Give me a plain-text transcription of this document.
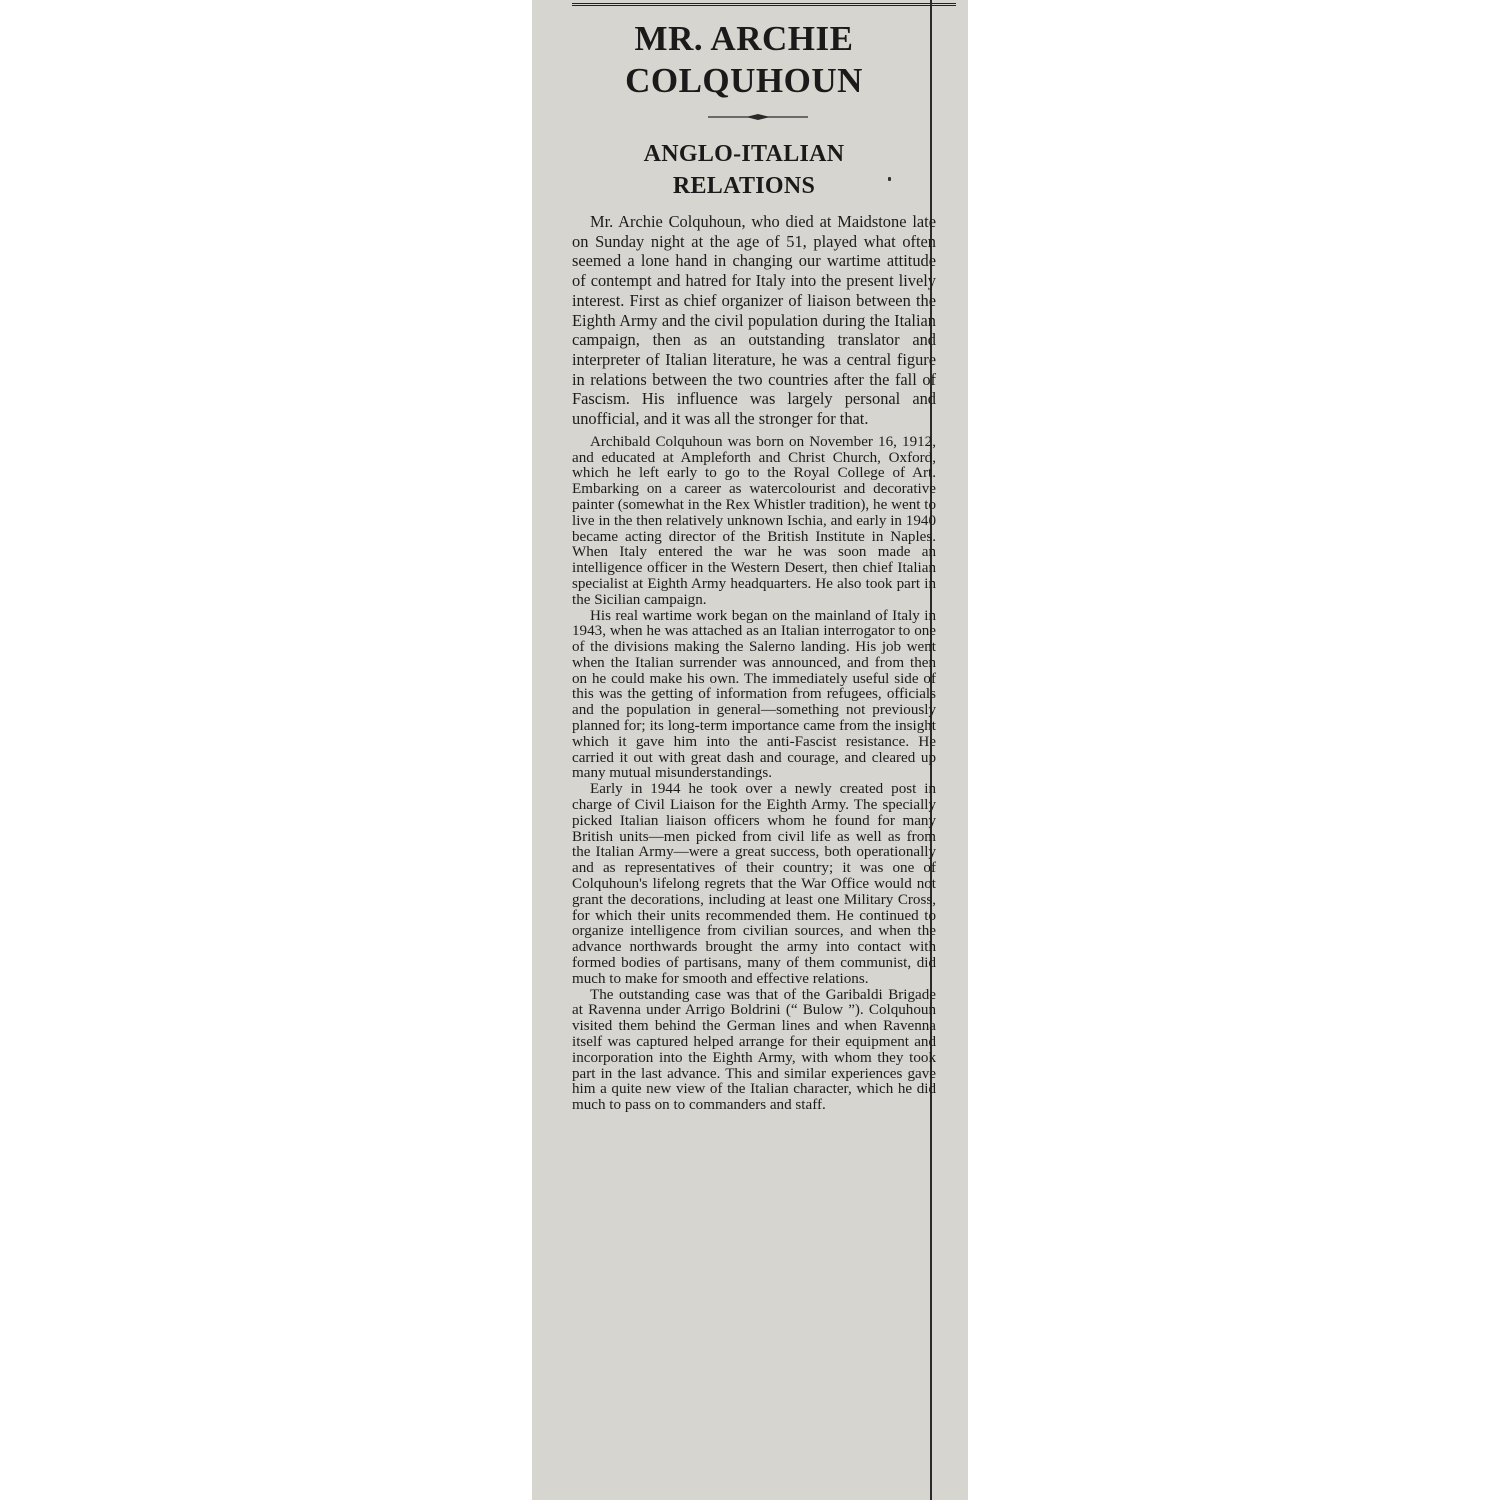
MR. ARCHIE COLQUHOUN
ANGLO-ITALIAN RELATIONS

Mr. Archie Colquhoun, who died at Maidstone late on Sunday night at the age of 51, played what often seemed a lone hand in changing our wartime attitude of contempt and hatred for Italy into the present lively interest. First as chief organizer of liaison between the Eighth Army and the civil population during the Italian campaign, then as an outstanding translator and interpreter of Italian literature, he was a central figure in relations between the two countries after the fall of Fascism. His influence was largely personal and unofficial, and it was all the stronger for that.

Archibald Colquhoun was born on November 16, 1912, and educated at Ampleforth and Christ Church, Oxford, which he left early to go to the Royal College of Art. Embarking on a career as watercolourist and decorative painter (somewhat in the Rex Whistler tradition), he went to live in the then relatively unknown Ischia, and early in 1940 became acting director of the British Institute in Naples. When Italy entered the war he was soon made an intelligence officer in the Western Desert, then chief Italian specialist at Eighth Army headquarters. He also took part in the Sicilian campaign.

His real wartime work began on the mainland of Italy in 1943, when he was attached as an Italian interrogator to one of the divisions making the Salerno landing. His job went when the Italian surrender was announced, and from then on he could make his own. The immediately useful side of this was the getting of information from refugees, officials and the population in general—something not previously planned for; its long-term importance came from the insight which it gave him into the anti-Fascist resistance. He carried it out with great dash and courage, and cleared up many mutual misunderstandings.

Early in 1944 he took over a newly created post in charge of Civil Liaison for the Eighth Army. The specially picked Italian liaison officers whom he found for many British units—men picked from civil life as well as from the Italian Army—were a great success, both operationally and as representatives of their country; it was one of Colquhoun's lifelong regrets that the War Office would not grant the decorations, including at least one Military Cross, for which their units recommended them. He continued to organize intelligence from civilian sources, and when the advance northwards brought the army into contact with formed bodies of partisans, many of them communist, did much to make for smooth and effective relations.

The outstanding case was that of the Garibaldi Brigade at Ravenna under Arrigo Boldrini (“ Bulow ”). Colquhoun visited them behind the German lines and when Ravenna itself was captured helped arrange for their equipment and incorporation into the Eighth Army, with whom they took part in the last advance. This and similar experiences gave him a quite new view of the Italian character, which he did much to pass on to commanders and staff.
